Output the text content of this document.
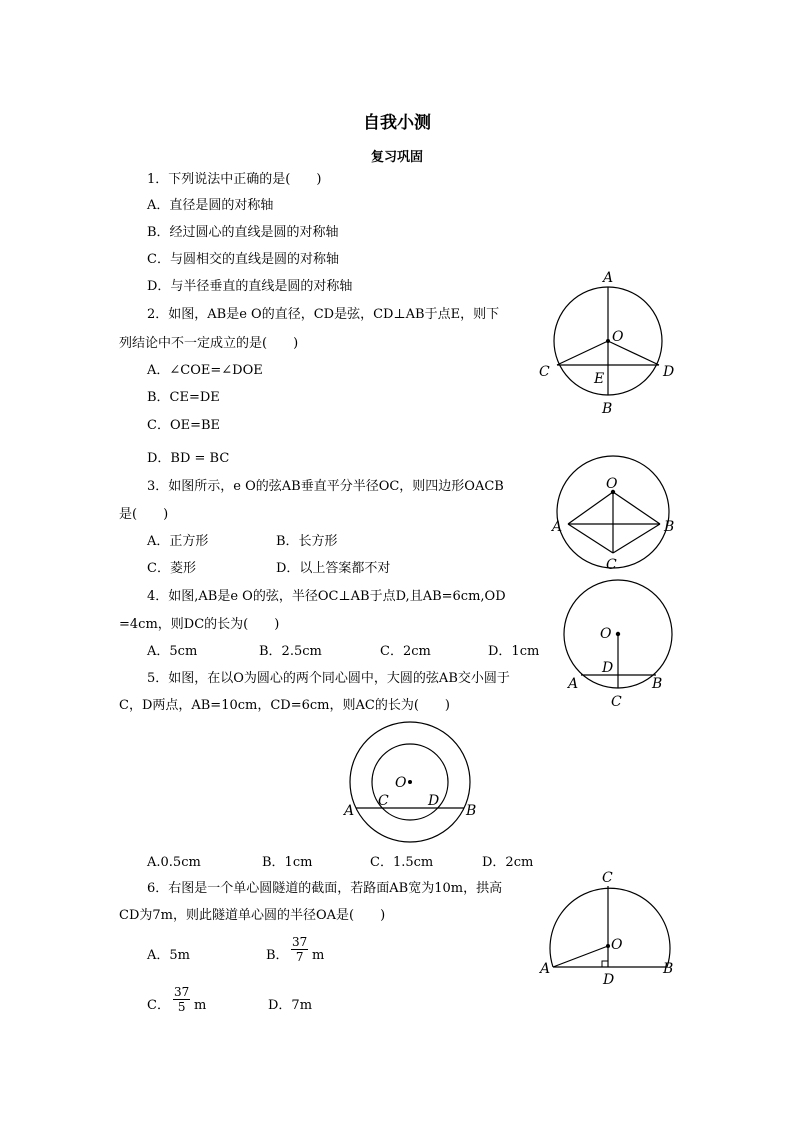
自我小测
复习巩固
1．下列说法中正确的是(　　)
A．直径是圆的对称轴
B．经过圆心的直线是圆的对称轴
C．与圆相交的直线是圆的对称轴
D．与半径垂直的直线是圆的对称轴
2．如图，AB是e O的直径，CD是弦，CD⊥AB于点E，则下
列结论中不一定成立的是(　　)
A．∠COE=∠DOE
B．CE=DE
C．OE=BE
D．BD = BC
3．如图所示，e O的弦AB垂直平分半径OC，则四边形OACB
是(　　)
A．正方形	B．长方形
C．菱形	D．以上答案都不对
4．如图,AB是e O的弦，半径OC⊥AB于点D,且AB=6cm,OD
=4cm，则DC的长为(　　)
A．5cm	B．2.5cm	C．2cm	D．1cm
5．如图，在以O为圆心的两个同心圆中，大圆的弦AB交小圆于
C，D两点，AB=10cm，CD=6cm，则AC的长为(　　)
A.0.5cm	B．1cm	C．1.5cm	D．2cm
6．右图是一个单心圆隧道的截面，若路面AB宽为10m，拱高
CD为7m，则此隧道单心圆的半径OA是(　　)
A．5m	B． $\frac{37}{7}$ m
C． $\frac{37}{5}$ m	D．7m
A
B
C	D
E
O
O
A	B
C
O
D
A	B
C
O
C	D
A	B
C
O
A	B
D
